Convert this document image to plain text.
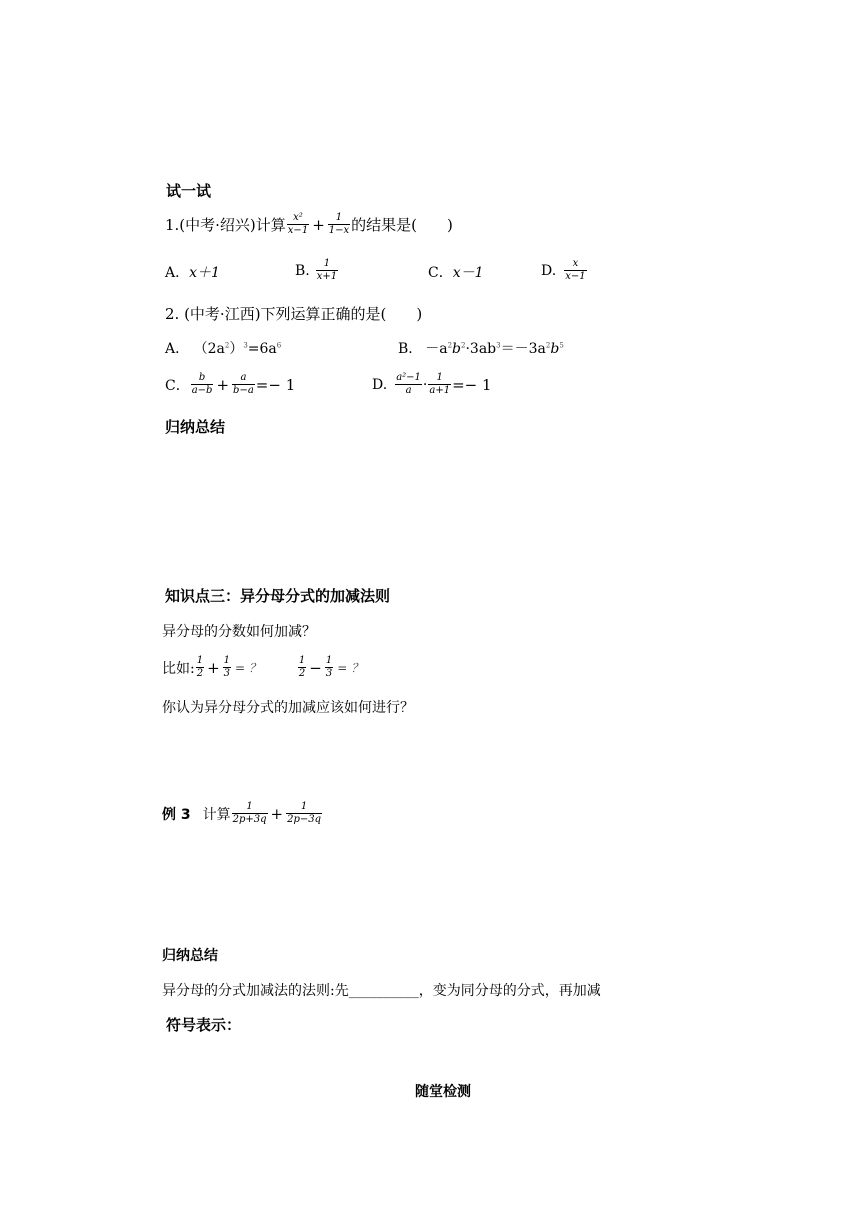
试一试
1.(中考·绍兴)计算 $\frac{\text{x²}}{x-1} + \frac{1}{1-x}$ 的结果是(　　)
A． x＋1	B. $\frac{1}{x+1}$	C． x－1	D. $\frac{x}{x-1}$
2. (中考·江西)下列运算正确的是(　　)
A． $(2a^2)^3=6a^6$	B. $-a^2b^2\cdot 3ab^3=-3a^2b^5$
C． $\frac{b}{a-b} + \frac{a}{b-a} =- 1$	D. $\frac{\text{a²−1}}{a} \cdot \frac{1}{a+1} =- 1$
归纳总结
知识点三：异分母分式的加减法则
异分母的分数如何加减？
比如: $\frac{1}{2} + \frac{1}{3}$ = ？	$\frac{1}{2} - \frac{1}{3}$ = ？
你认为异分母分式的加减应该如何进行？
例 3 计算 $\frac{1}{2p+3q} + \frac{1}{2p-3q}$
归纳总结
异分母的分式加减法的法则:先__________，变为同分母的分式，再加减
符号表示：
随堂检测
